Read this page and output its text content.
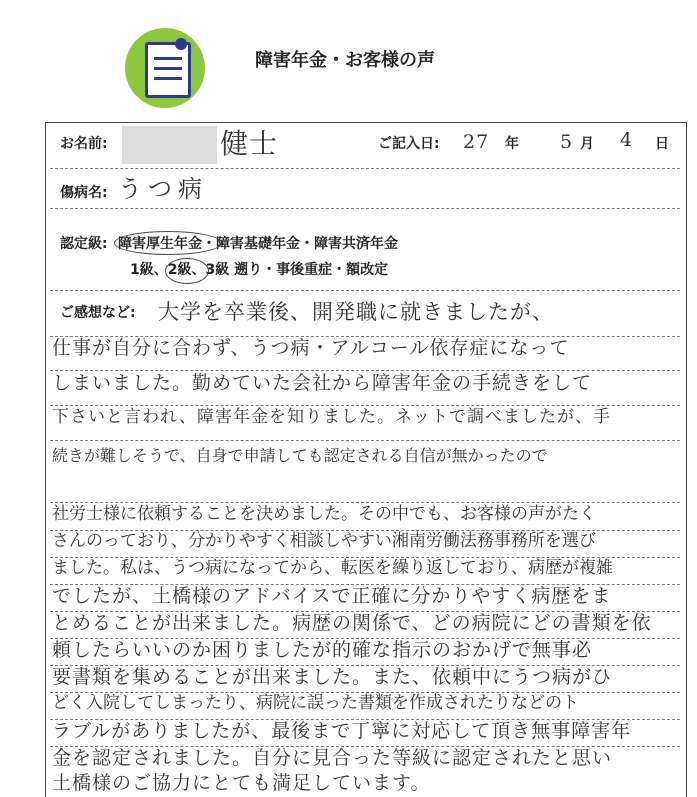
障害年金・お客様の声
お名前:	健士	ご記入日: 27 年 5 月 4 日
傷病名: うつ病
認定級: 障害厚生年金・障害基礎年金・障害共済年金
1級、2級、3級 遡り・事後重症・額改定
ご感想など: 大学を卒業後、開発職に就きましたが、
仕事が自分に合わず、うつ病・アルコール依存症になって
しまいました。勤めていた会社から障害年金の手続きをして
下さいと言われ、障害年金を知りました。ネットで調べましたが、手
続きが難しそうで、自身で申請しても認定される自信が無かったので
社労士様に依頼することを決めました。その中でも、お客様の声がたく
さんのっており、分かりやすく相談しやすい湘南労働法務事務所を選び
ました。私は、うつ病になってから、転医を繰り返しており、病歴が複雑
でしたが、土橋様のアドバイスで正確に分かりやすく病歴をま
とめることが出来ました。病歴の関係で、どの病院にどの書類を依
頼したらいいのか困りましたが的確な指示のおかげで無事必
要書類を集めることが出来ました。また、依頼中にうつ病がひ
どく入院してしまったり、病院に誤った書類を作成されたりなどのト
ラブルがありましたが、最後まで丁寧に対応して頂き無事障害年
金を認定されました。自分に見合った等級に認定されたと思い
土橋様のご協力にとても満足しています。
